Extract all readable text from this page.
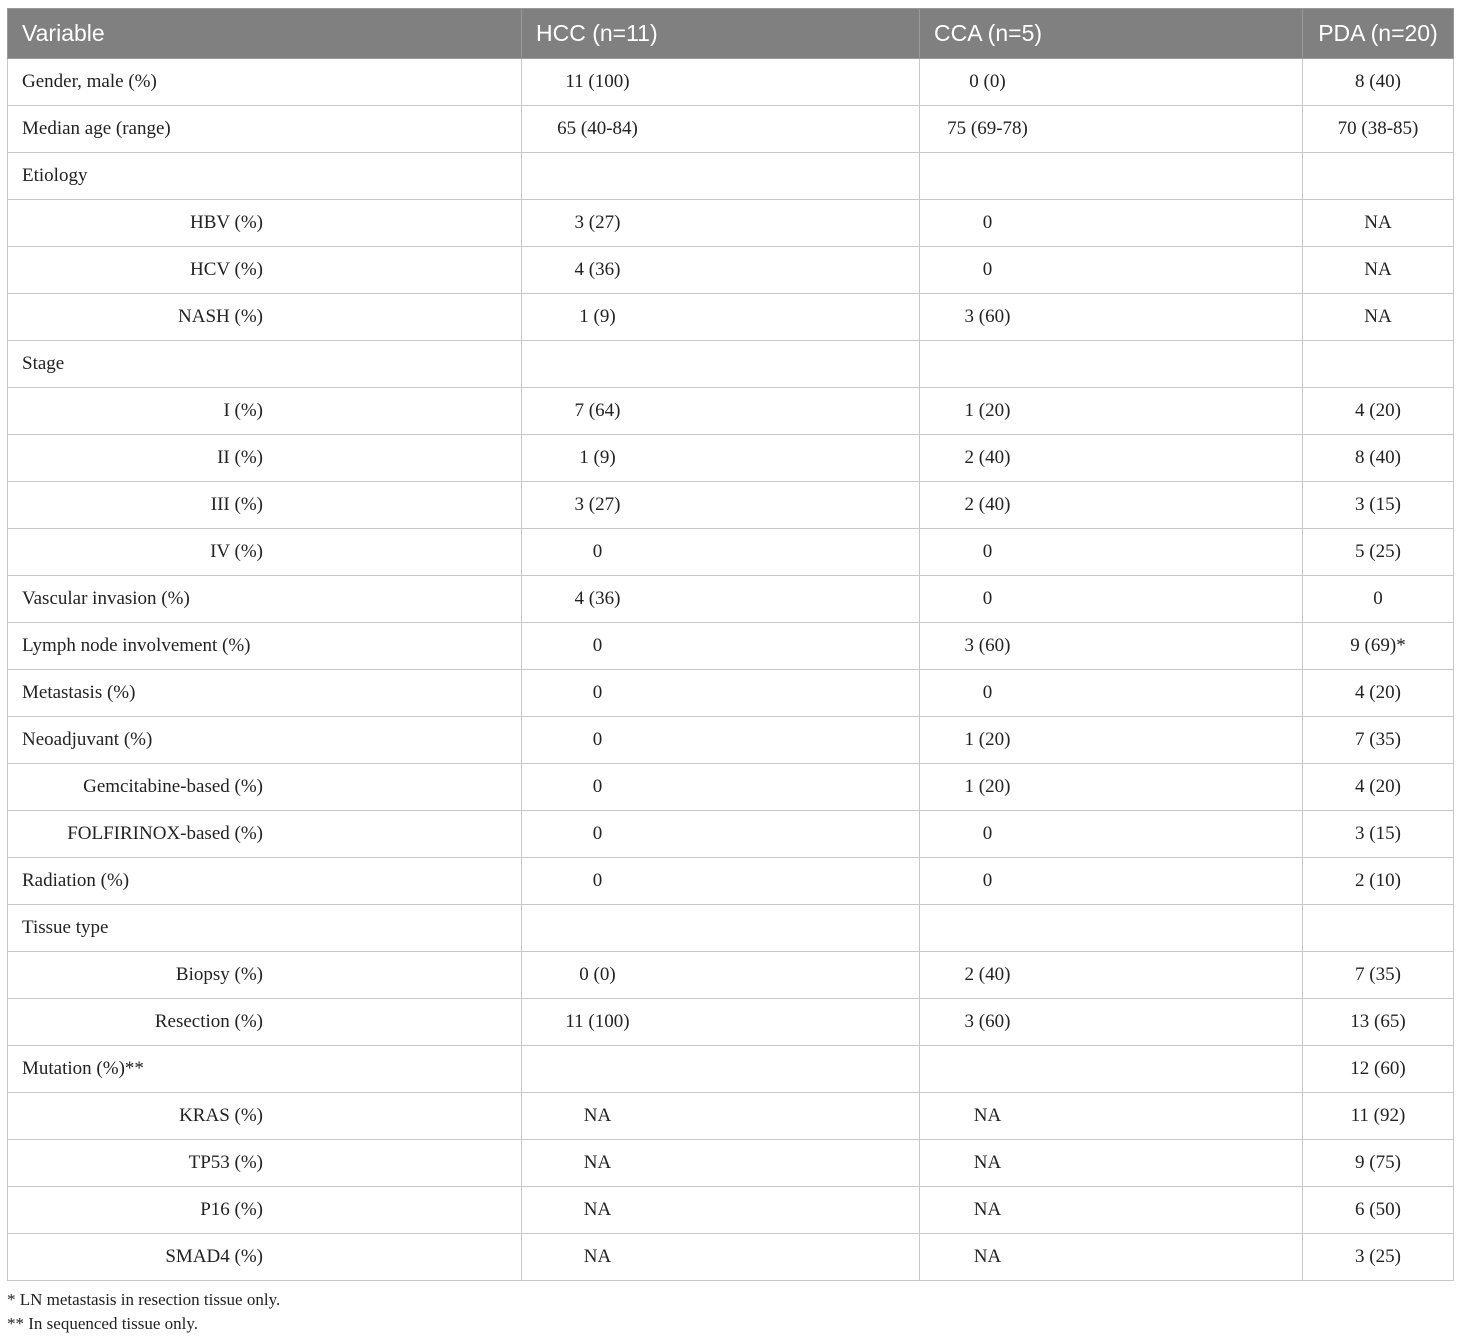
Variable	HCC (n=11)	CCA (n=5)	PDA (n=20)
Gender, male (%)	11 (100)	0 (0)	8 (40)
Median age (range)	65 (40-84)	75 (69-78)	70 (38-85)
Etiology			
HBV (%)	3 (27)	0	NA
HCV (%)	4 (36)	0	NA
NASH (%)	1 (9)	3 (60)	NA
Stage			
I (%)	7 (64)	1 (20)	4 (20)
II (%)	1 (9)	2 (40)	8 (40)
III (%)	3 (27)	2 (40)	3 (15)
IV (%)	0	0	5 (25)
Vascular invasion (%)	4 (36)	0	0
Lymph node involvement (%)	0	3 (60)	9 (69)*
Metastasis (%)	0	0	4 (20)
Neoadjuvant (%)	0	1 (20)	7 (35)
Gemcitabine-based (%)	0	1 (20)	4 (20)
FOLFIRINOX-based (%)	0	0	3 (15)
Radiation (%)	0	0	2 (10)
Tissue type			
Biopsy (%)	0 (0)	2 (40)	7 (35)
Resection (%)	11 (100)	3 (60)	13 (65)
Mutation (%)**			12 (60)
KRAS (%)	NA	NA	11 (92)
TP53 (%)	NA	NA	9 (75)
P16 (%)	NA	NA	6 (50)
SMAD4 (%)	NA	NA	3 (25)
* LN metastasis in resection tissue only.
** In sequenced tissue only.
